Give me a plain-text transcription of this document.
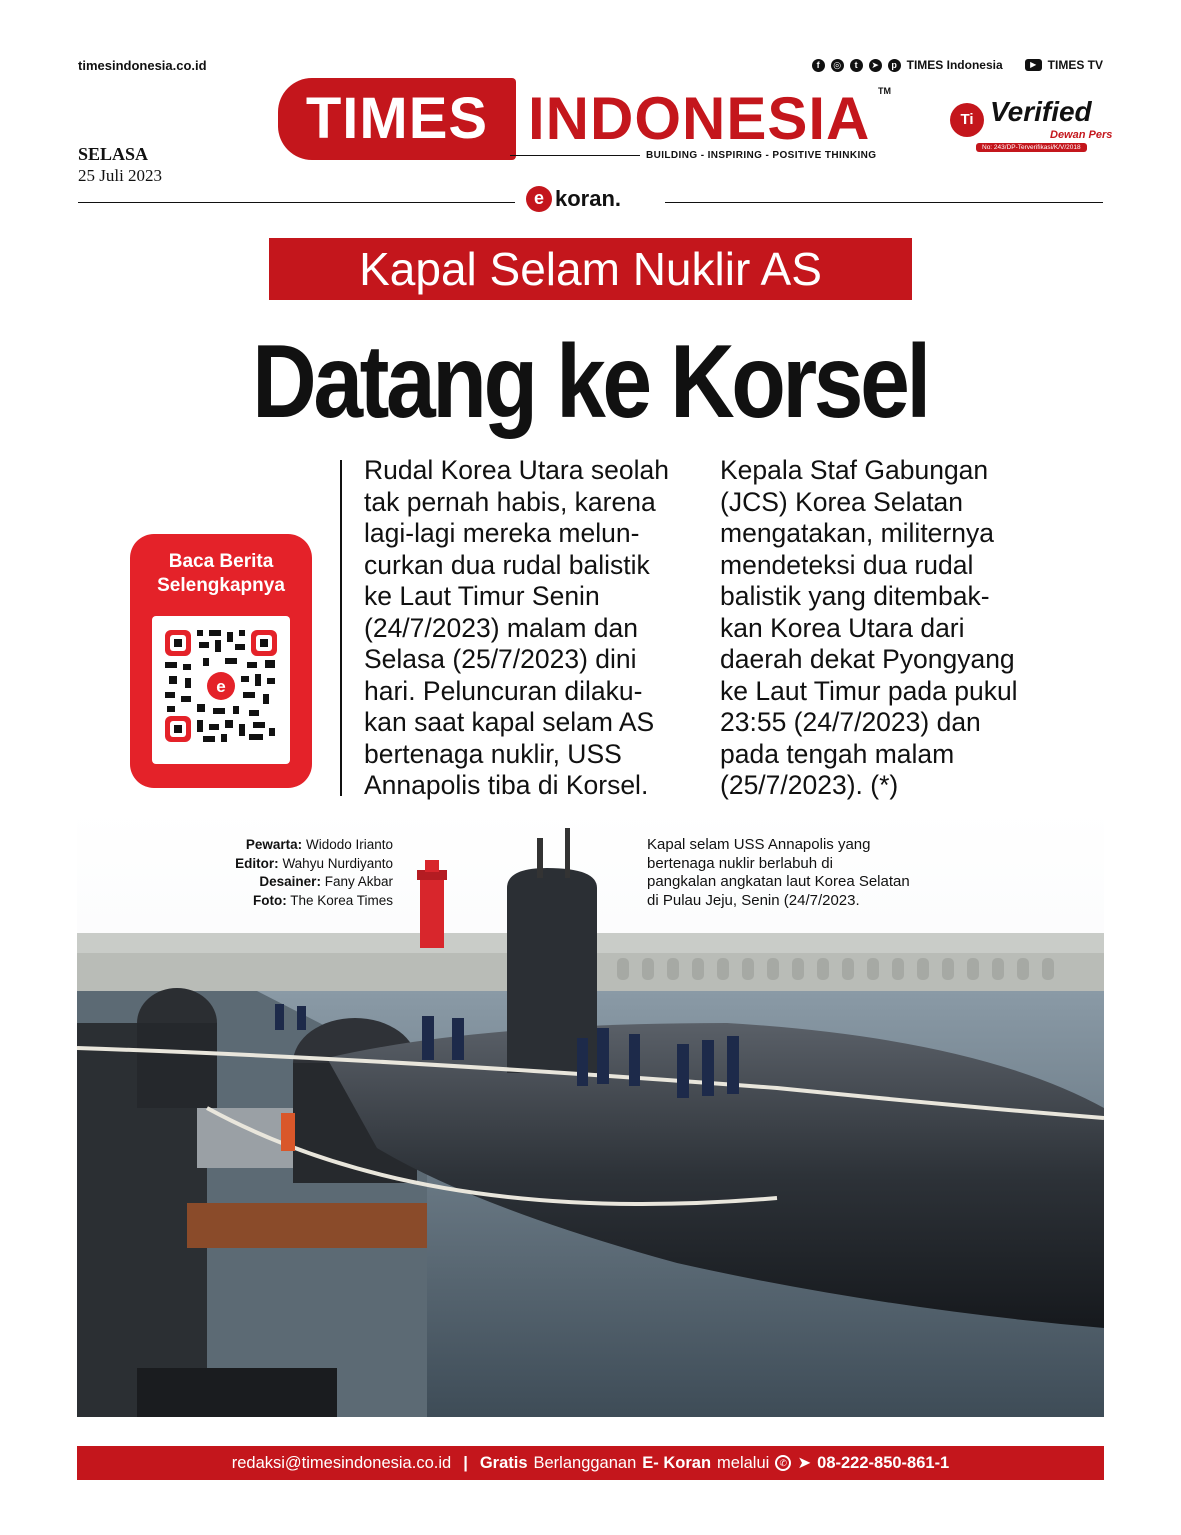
timesindonesia.co.id	f	◎	t	➤	p TIMES Indonesia	▶ TIMES TV
SELASA
25 Juli 2023
TIMES INDONESIA TM
BUILDING - INSPIRING - POSITIVE THINKING
Ti Verified
Dewan Pers
No: 243/DP-Terverifikasi/K/V/2018
e koran.
Kapal Selam Nuklir AS
Datang ke Korsel
Baca Berita
Selengkapnya
e
Rudal Korea Utara seolah
tak pernah habis, karena
lagi-lagi mereka melun-
curkan dua rudal balistik
ke Laut Timur Senin
(24/7/2023) malam dan
Selasa (25/7/2023) dini
hari. Peluncuran dilaku-
kan saat kapal selam AS
bertenaga nuklir, USS
Annapolis tiba di Korsel.
Kepala Staf Gabungan
(JCS) Korea Selatan
mengatakan, militernya
mendeteksi dua rudal
balistik yang ditembak-
kan Korea Utara dari
daerah dekat Pyongyang
ke Laut Timur pada pukul
23:55 (24/7/2023) dan
pada tengah malam
(25/7/2023). (*)
Pewarta: Widodo Irianto
Editor: Wahyu Nurdiyanto
Desainer: Fany Akbar
Foto: The Korea Times
Kapal selam USS Annapolis yang
bertenaga nuklir berlabuh di
pangkalan angkatan laut Korea Selatan
di Pulau Jeju, Senin (24/7/2023.
redaksi@timesindonesia.co.id | Gratis Berlangganan E- Koran melalui	✆ ➤ 08-222-850-861-1
